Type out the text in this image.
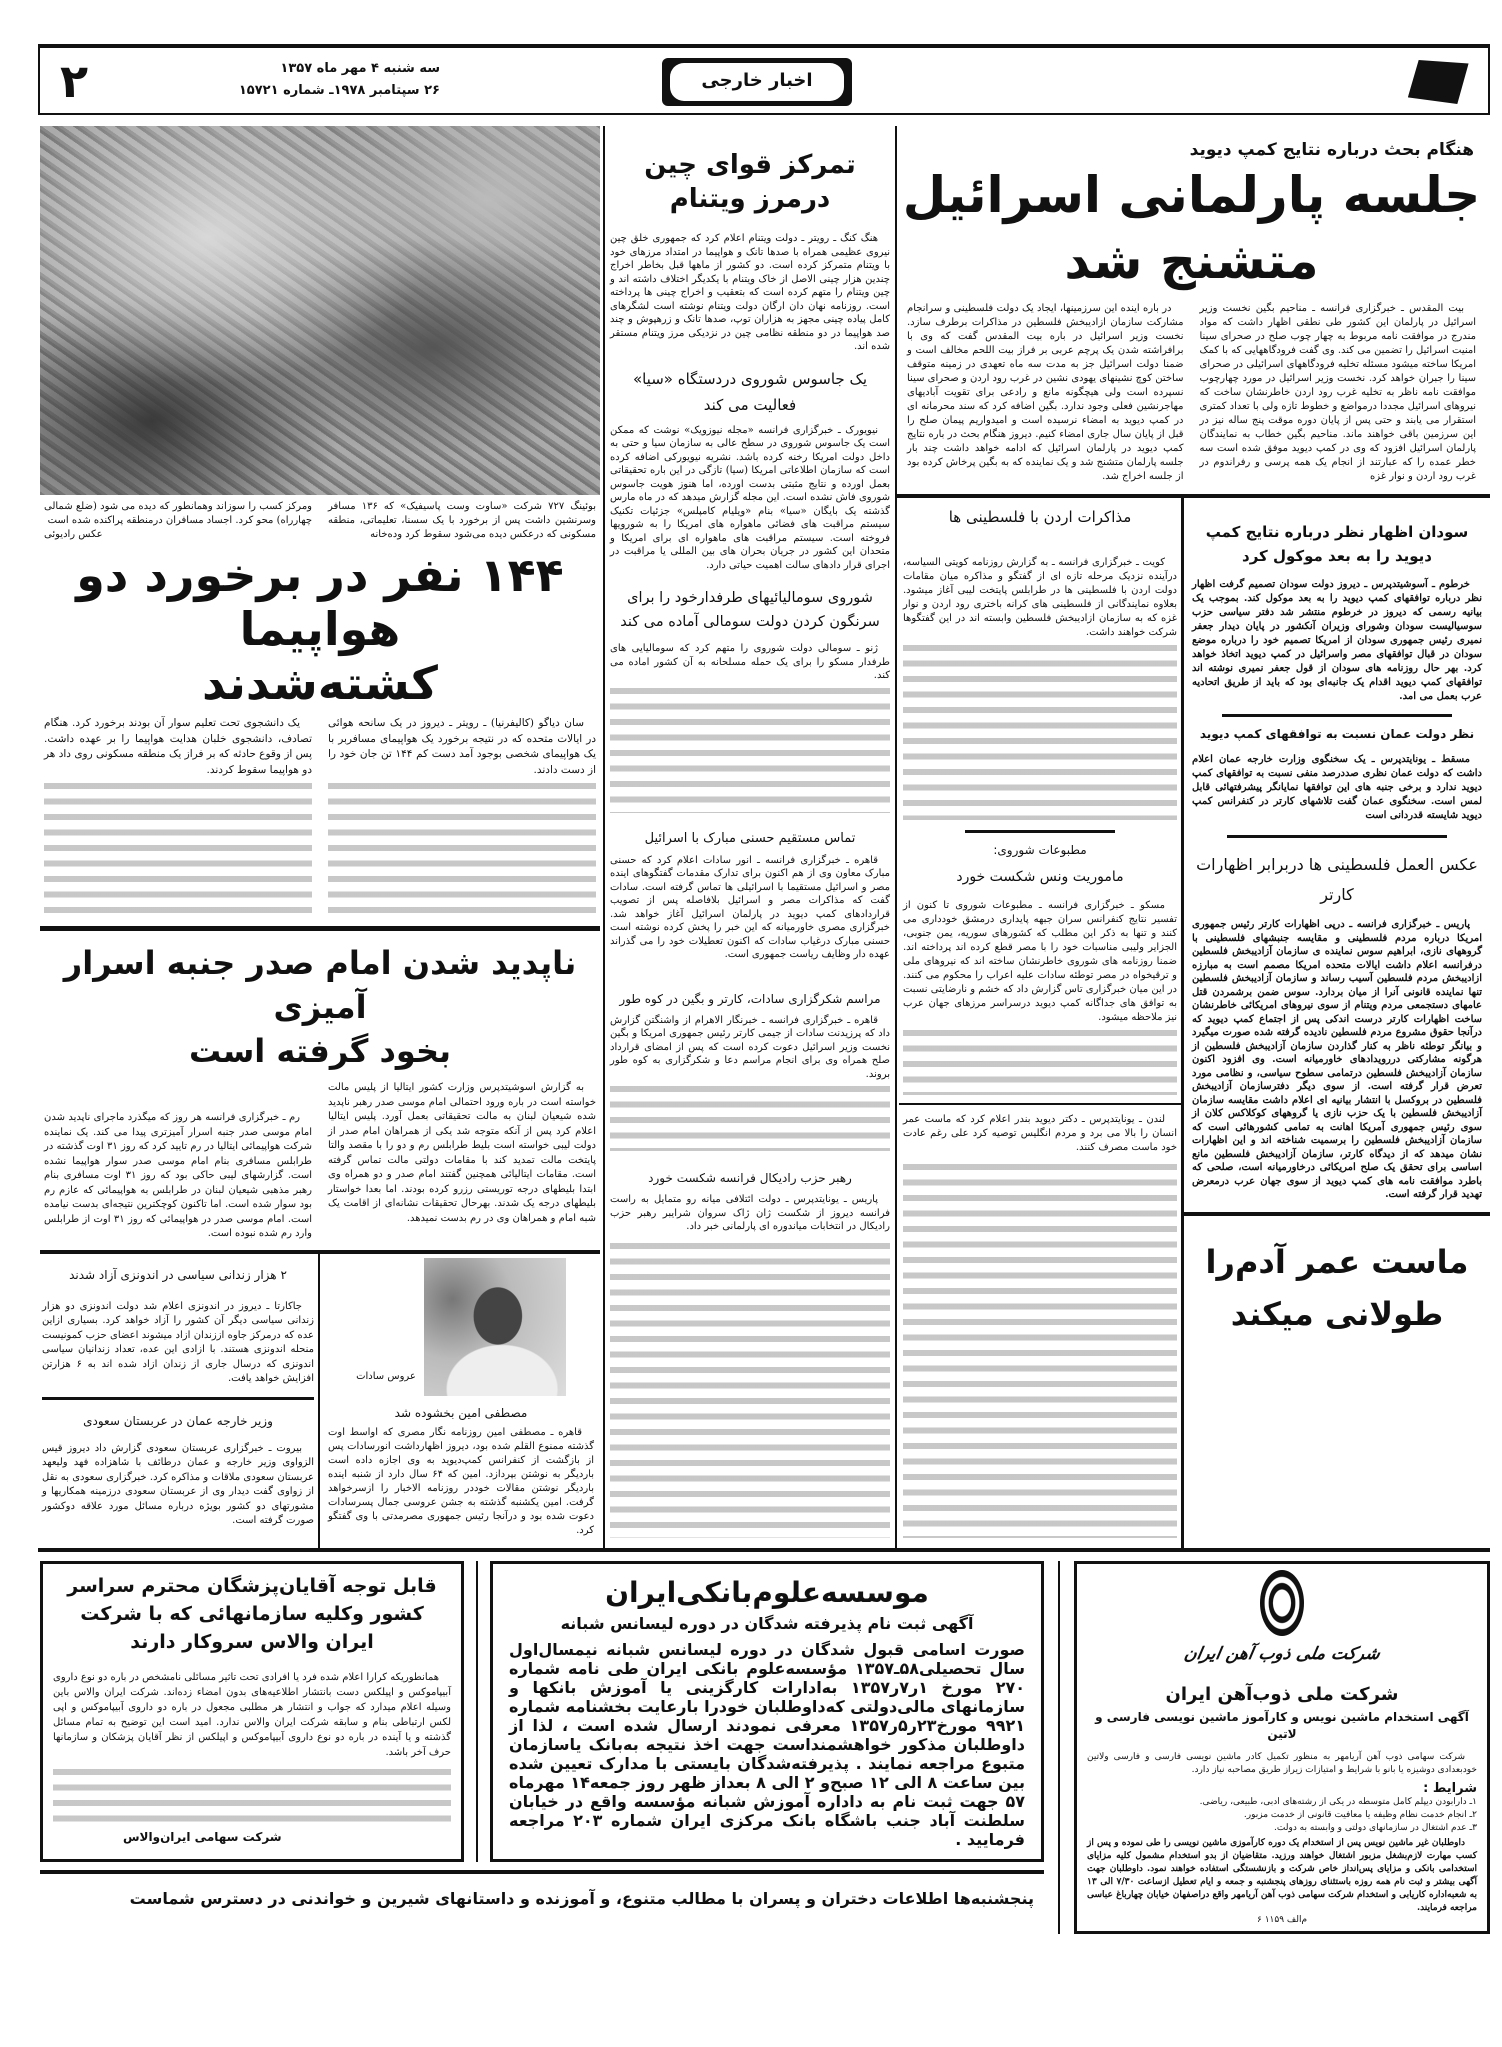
اخبار خارجی
سه شنبه ۴ مهر ماه ۱۳۵۷
۲۶ سپتامبر ۱۹۷۸ـ شماره ۱۵۷۲۱
۲
هنگام بحث درباره نتایج کمپ دیوید
جلسه پارلمانی اسرائیل
متشنج شد

بیت المقدس ـ خبرگزاری فرانسه ـ مناحیم بگین نخست وزیر اسرائیل در پارلمان این کشور طی نطقی اظهار داشت که مواد مندرج در موافقت نامه مربوط به چهار چوب صلح در صحرای سینا امنیت اسرائیل را تضمین می کند. وی گفت فرودگاههایی که با کمک امریکا ساخته میشود مسئله تخلیه فرودگاههای اسرائیلی در صحرای سینا را جبران خواهد کرد. نخست وزیر اسرائیل در مورد چهارچوب موافقت نامه ناظر به تخلیه غرب رود اردن خاطرنشان ساخت که نیروهای اسرائیل مجددا درمواضع و خطوط تازه ولی با تعداد کمتری استقرار می یابند و حتی پس از پایان دوره موقت پنج ساله نیز در این سرزمین باقی خواهند ماند. مناحیم بگین خطاب به نمایندگان پارلمان اسرائیل افزود که وی در کمپ دیوید موفق شده است سه خطر عمده را که عبارتند از انجام یک همه پرسی و رفراندوم در غرب رود اردن و نوار غزه

در باره اینده این سرزمینها، ایجاد یک دولت فلسطینی و سرانجام مشارکت سازمان ازادیبخش فلسطین در مذاکرات برطرف سازد. نخست وزیر اسرائیل در باره بیت المقدس گفت که وی با برافراشته شدن یک پرچم عربی بر فراز بیت اللحم مخالف است و ضمنا دولت اسرائیل جز به مدت سه ماه تعهدی در زمینه متوقف ساختن کوچ نشینهای یهودی نشین در غرب رود اردن و صحرای سینا نسپرده است ولی هیچگونه مانع و رادعی برای تقویت آبادیهای مهاجرنشین فعلی وجود ندارد. بگین اضافه کرد که سند محرمانه ای در کمپ دیوید به امضاء نرسیده است و امیدواریم پیمان صلح را قبل از پایان سال جاری امضاء کنیم. دیروز هنگام بحث در باره نتایج کمپ دیوید در پارلمان اسرائیل که ادامه خواهد داشت چند بار جلسه پارلمان متشنج شد و یک نماینده که به بگین پرخاش کرده بود از جلسه اخراج شد.

سودان اظهار نظر درباره نتایج کمپ دیوید را به بعد موکول کرد

خرطوم ـ آسوشیتدپرس ـ دیروز دولت سودان تصمیم گرفت اظهار نظر درباره توافقهای کمپ دیوید را به بعد موکول کند. بموجب یک بیانیه رسمی که دیروز در خرطوم منتشر شد دفتر سیاسی حزب سوسیالیست سودان وشورای وزیران آنکشور در پایان دیدار جعفر نمیری رئیس جمهوری سودان از امریکا تصمیم خود را درباره موضع سودان در قبال توافقهای مصر واسرائیل در کمپ دیوید اتخاذ خواهد کرد. بهر حال روزنامه های سودان از قول جعفر نمیری نوشته اند توافقهای کمپ دیوید اقدام یک جانبه‌ای بود که باید از طریق اتحادیه عرب بعمل می امد.

نظر دولت عمان نسبت به توافقهای کمپ دیوید

مسقط ـ یونایتدپرس ـ یک سخنگوی وزارت خارجه عمان اعلام داشت که دولت عمان نظری صددرصد منفی نسبت به توافقهای کمپ دیوید ندارد و برخی جنبه های این توافقها نمایانگر پیشرفتهائی قابل لمس است. سخنگوی عمان گفت تلاشهای کارتر در کنفرانس کمپ دیوید شایسته قدردانی است

عکس العمل فلسطینی ها دربرابر اظهارات کارتر

پاریس ـ خبرگزاری فرانسه ـ درپی اظهارات کارتر رئیس جمهوری امریکا درباره مردم فلسطینی و مقایسه جنبشهای فلسطینی با گروههای نازی، ابراهیم سوس نماینده ی سازمان آزادیبخش فلسطین درفرانسه اعلام داشت ایالات متحده امریکا مصمم است به مبارزه ازادیبخش مردم فلسطین آسیب رساند و سازمان آزادیبخش فلسطین تنها نماینده قانونی آنرا از میان بردارد. سوس ضمن برشمردن قتل عامهای دستجمعی مردم ویتنام از سوی نیروهای امریکائی خاطرنشان ساخت اظهارات کارتر درست اندکی پس از اجتماع کمپ دیوید که درآنجا حقوق مشروع مردم فلسطین نادیده گرفته شده صورت میگیرد و بیانگر توطئه ناظر به کنار گذاردن سازمان آزادیبخش فلسطین از هرگونه مشارکتی دررویدادهای خاورمیانه است. وی افزود اکنون سازمان آزادیبخش فلسطین درتمامی سطوح سیاسی، و نظامی مورد تعرض قرار گرفته است. از سوی دیگر دفترسازمان آزادیبخش فلسطین در بروکسل با انتشار بیانیه ای اعلام داشت مقایسه سازمان آزادیبخش فلسطین با یک حزب نازی یا گروههای کوکلاکس کلان از سوی رئیس جمهوری آمریکا اهانت به تمامی کشورهائی است که سازمان آزادیبخش فلسطین را برسمیت شناخته اند و این اظهارات نشان میدهد که از دیدگاه کارتر، سازمان آزادیبخش فلسطین مانع اساسی برای تحقق یک صلح امریکائی درخاورمیانه است، صلحی که باطرد موافقت نامه های کمپ دیوید از سوی جهان عرب درمعرض تهدید قرار گرفته است.

ماست عمر آدم‌را
طولانی میکند
مذاکرات اردن با فلسطینی ها

کویت ـ خبرگزاری فرانسه ـ به گزارش روزنامه کویتی السیاسه، درآینده نزدیک مرحله تازه ای از گفتگو و مذاکره میان مقامات دولت اردن با فلسطینی ها در طرابلس پایتخت لیبی آغاز میشود. بعلاوه نمایندگانی از فلسطینی های کرانه باختری رود اردن و نوار غزه که به سازمان ازادیبخش فلسطین وابسته اند در این گفتگوها شرکت خواهند داشت.

مطبوعات شوروی:
ماموریت ونس شکست خورد

مسکو ـ خبرگزاری فرانسه ـ مطبوعات شوروی تا کنون از تفسیر نتایج کنفرانس سران جبهه پایداری درمشق خودداری می کنند و تنها به ذکر این مطلب که کشورهای سوریه، یمن جنوبی، الجزایر ولیبی مناسبات خود را با مصر قطع کرده اند پرداخته اند. ضمنا روزنامه های شوروی خاطرنشان ساخته اند که نیروهای ملی و ترقیخواه در مصر توطئه سادات علیه اعراب را محکوم می کنند. در این میان خبرگزاری تاس گزارش داد که خشم و نارضایتی نسبت به توافق های جداگانه کمپ دیوید درسراسر مرزهای جهان عرب نیز ملاحظه میشود.

لندن ـ یونایتدپرس ـ دکتر دیوید بندر اعلام کرد که ماست عمر انسان را بالا می برد و مردم انگلیس توصیه کرد علی رغم عادت خود ماست مصرف کنند.

تمرکز قوای چین درمرز ویتنام

هنگ کنگ ـ رویتر ـ دولت ویتنام اعلام کرد که جمهوری خلق چین نیروی عظیمی همراه با صدها تانک و هواپیما در امتداد مرزهای خود با ویتنام متمرکز کرده است. دو کشور از ماهها قبل بخاطر اخراج چندین هزار چینی الاصل از خاک ویتنام با یکدیگر اختلاف داشته اند و چین ویتنام را متهم کرده است که بتعقیب و اخراج چینی ها پرداخته است. روزنامه نهان دان ارگان دولت ویتنام نوشته است لشگرهای کامل پیاده چینی مجهز به هزاران توپ، صدها تانک و زرهپوش و چند صد هواپیما در دو منطقه نظامی چین در نزدیکی مرز ویتنام مستقر شده اند.

یک جاسوس شوروی دردستگاه «سیا» فعالیت می کند

نیویورک ـ خبرگزاری فرانسه «مجله نیوزویک» نوشت که ممکن است یک جاسوس شوروی در سطح عالی به سازمان سیا و حتی به داخل دولت امریکا رخنه کرده باشد. نشریه نیویورکی اضافه کرده است که سازمان اطلاعاتی امریکا (سیا) تازگی در این باره تحقیقاتی بعمل اورده و نتایج مثبتی بدست اورده، اما هنوز هویت جاسوس شوروی فاش نشده است. این مجله گزارش میدهد که در ماه مارس گذشته یک بایگان «سیا» بنام «ویلیام کامپلس» جزئیات تکنیک سیستم مراقبت های فضائی ماهواره های امریکا را به شورویها فروخته است. سیستم مراقبت های ماهواره ای برای امریکا و متحدان این کشور در جریان بحران های بین المللی یا مراقبت در اجرای قرار دادهای سالت اهمیت حیاتی دارد.

شوروی سومالیائیهای طرفدارخود را برای سرنگون کردن دولت سومالی آماده می کند

ژنو ـ سومالی دولت شوروی را متهم کرد که سومالیایی های طرفدار مسکو را برای یک حمله مسلحانه به آن کشور اماده می کند.

تماس مستقیم حسنی مبارک با اسرائیل

قاهره ـ خبرگزاری فرانسه ـ انور سادات اعلام کرد که حسنی مبارک معاون وی از هم اکنون برای تدارک مقدمات گفتگوهای اینده مصر و اسرائیل مستقیما با اسرائیلی ها تماس گرفته است. سادات گفت که مذاکرات مصر و اسرائیل بلافاصله پس از تصویب قراردادهای کمپ دیوید در پارلمان اسرائیل آغاز خواهد شد. خبرگزاری مصری خاورمیانه که این خبر را پخش کرده نوشته است حسنی مبارک درغیاب سادات که اکنون تعطیلات خود را می گذراند عهده دار وظایف ریاست جمهوری است.

مراسم شکرگزاری سادات، کارتر و بگین در کوه طور

قاهره ـ خبرگزاری فرانسه ـ خبرنگار الاهرام از واشنگتن گزارش داد که پرزیدنت سادات از جیمی کارتر رئیس جمهوری امریکا و بگین نخست وزیر اسرائیل دعوت کرده است که پس از امضای قرارداد صلح همراه وی برای انجام مراسم دعا و شکرگزاری به کوه طور بروند.

رهبر حزب رادیکال فرانسه شکست خورد

پاریس ـ یونایتدپرس ـ دولت ائتلافی میانه رو متمایل به راست فرانسه دیروز از شکست ژان ژاک سروان شرایبر رهبر حزب رادیکال در انتخابات میاندوره ای پارلمانی خبر داد.

بوئینگ ۷۲۷ شرکت «ساوت وست پاسیفیک» که ۱۳۶ مسافر وسرنشین داشت پس از برخورد با یک سسنا، تعلیماتی، منطقه مسکونی که درعکس دیده می‌شود سقوط کرد وده‌خانه
ومرکز کسب را سوزاند وهمانطور که دیده می شود (ضلع شمالی چهارراه) محو کرد. اجساد مسافران درمنطقه پراکنده شده است
عکس رادیوئی
۱۴۴ نفر در برخورد دو هواپیما
کشته‌شدند

سان دیاگو (کالیفرنیا) ـ رویتر ـ دیروز در یک سانحه هوائی در ایالات متحده که در نتیجه برخورد یک هواپیمای مسافربر با یک هواپیمای شخصی بوجود آمد دست کم ۱۴۴ تن جان خود را از دست دادند.

یک دانشجوی تحت تعلیم سوار آن بودند برخورد کرد. هنگام تصادف، دانشجوی خلبان هدایت هواپیما را بر عهده داشت. پس از وقوع حادثه که بر فراز یک منطقه مسکونی روی داد هر دو هواپیما سقوط کردند.

ناپدید شدن امام صدر جنبه اسرار آمیزی
بخود گرفته است

به گزارش اسوشیتدپرس وزارت کشور ایتالیا از پلیس مالت خواسته است در باره ورود احتمالی امام موسی صدر رهبر ناپدید شده شیعیان لبنان به مالت تحقیقاتی بعمل آورد. پلیس ایتالیا اعلام کرد پس از آنکه متوجه شد یکی از همراهان امام صدر از دولت لیبی خواسته است بلیط طرابلس رم و دو را با مقصد والتا پایتخت مالت تمدید کند با مقامات دولتی مالت تماس گرفته است. مقامات ایتالیائی همچنین گفتند امام صدر و دو همراه وی ابتدا بلیطهای درجه توریستی رزرو کرده بودند. اما بعدا خواستار بلیطهای درجه یک شدند. بهرحال تحقیقات نشانه‌ای از اقامت یک شبه امام و همراهان وی در رم بدست نمیدهد.

رم ـ خبرگزاری فرانسه هر روز که میگذرد ماجرای ناپدید شدن امام موسی صدر جنبه اسرار آمیزتری پیدا می کند. یک نماینده شرکت هواپیمائی ایتالیا در رم تایید کرد که روز ۳۱ اوت گذشته در طرابلس مسافری بنام امام موسی صدر سوار هواپیما نشده است. گزارشهای لیبی حاکی بود که روز ۳۱ اوت مسافری بنام رهبر مذهبی شیعیان لبنان در طرابلس به هواپیمائی که عازم رم بود سوار شده است. اما تاکنون کوچکترین نتیجه‌ای بدست نیامده است. امام موسی صدر در هواپیمائی که روز ۳۱ اوت از طرابلس وارد رم شده نبوده است.

عروس سادات
مصطفی امین بخشوده شد

قاهره ـ مصطفی امین روزنامه نگار مصری که اواسط اوت گذشته ممنوع القلم شده بود، دیروز اظهارداشت انورسادات پس از بازگشت از کنفرانس کمپ‌دیوید به وی اجازه داده است باردیگر به نوشتن بپردازد. امین که ۶۴ سال دارد از شنبه اینده باردیگر نوشتن مقالات خوددر روزنامه الاخبار را ازسرخواهد گرفت. امین یکشنبه گذشته به جشن عروسی جمال پسرسادات دعوت شده بود و درآنجا رئیس جمهوری مصرمدتی با وی گفتگو کرد.

۲ هزار زندانی سیاسی در اندونزی آزاد شدند

جاکارتا ـ دیروز در اندونزی اعلام شد دولت اندونزی دو هزار زندانی سیاسی دیگر آن کشور را آزاد خواهد کرد. بسیاری ازاین عده که درمرکز جاوه اززندان ازاد میشوند اعضای حزب کمونیست منحله اندونزی هستند. با ازادی این عده، تعداد زندانیان سیاسی اندونزی که درسال جاری از زندان ازاد شده اند به ۶ هزارتن افزایش خواهد یافت.

وزیر خارجه عمان در عربستان سعودی

بیروت ـ خبرگزاری عربستان سعودی گزارش داد دیروز قیس الزواوی وزیر خارجه و عمان درطائف با شاهزاده فهد ولیعهد عربستان سعودی ملاقات و مذاکره کرد. خبرگزاری سعودی به نقل از زواوی گفت دیدار وی از عربستان سعودی درزمینه همکاریها و مشورتهای دو کشور بویژه درباره مسائل مورد علاقه دوکشور صورت گرفته است.

شرکت ملی ذوب آهن ایران
شرکت ملی ذوب‌آهن ایران
آگهی استخدام ماشین نویس و کارآموز ماشین نویسی فارسی و لاتین

شرکت سهامی ذوب آهن آریامهر به منظور تکمیل کادر ماشین نویسی فارسی و فارسی ولاتین خودبعدادی دوشیزه یا بانو با شرایط و امتیازات زیراز طریق مصاحبه نیاز دارد.

شرایط :
۱ـ دارابودن دیپلم کامل متوسطه در یکی از رشته‌های ادبی، طبیعی، ریاضی.
۲ـ انجام خدمت نظام وظیفه یا معافیت قانونی از خدمت مزبور.
۳ـ عدم اشتغال در سازمانهای دولتی و وابسته به دولت.

داوطلبان غیر ماشین نویس پس از استخدام یک دوره کارآموزی ماشین نویسی را طی نموده و پس از کسب مهارت لازم‌بشغل مزبور اشتغال خواهند ورزید. متقاضیان از بدو استخدام مشمول کلیه مزایای استخدامی بانکی و مزایای پس‌انداز خاص شرکت و بازنشستگی استفاده خواهند نمود. داوطلبان جهت آگهی بیشتر و ثبت نام همه روزه باستثنای روزهای پنجشنبه و جمعه و ایام تعطیل ازساعت ۷/۳۰ الی ۱۳ به شعبه‌اداره کاریابی و استخدام شرکت سهامی ذوب آهن آریامهر واقع دراصفهان خیابان چهارباغ عباسی مراجعه فرمایند.

م‌الف ۱۱۵۹ ۶
موسسه‌علوم‌بانکی‌ایران
آگهی ثبت نام پذیرفته شدگان در دوره لیسانس شبانه

صورت اسامی قبول شدگان در دوره لیسانس شبانه نیمسال‌اول سال تحصیلی۵۸ـ۱۳۵۷ مؤسسه‌علوم بانکی ایران طی نامه شماره ۲۷۰ مورخ ۱ر۷ر۱۳۵۷ به‌ادارات کارگزینی یا آموزش بانکها و سازمانهای مالی‌دولتی که‌داوطلبان خودرا بارعایت بخشنامه شماره ۹۹۲۱ مورخ۲۳ر۵ر۱۳۵۷ معرفی نمودند ارسال شده است ، لذا از داوطلبان مذکور خواهشمنداست جهت اخذ نتیجه به‌بانک یاسازمان متبوع مراجعه نمایند . پذیرفته‌شدگان بایستی با مدارک تعیین شده بین ساعت ۸ الی ۱۲ صبح‌و ۲ الی ۸ بعداز ظهر روز جمعه۱۴ مهرماه ۵۷ جهت ثبت نام به داداره آموزش شبانه مؤسسه واقع در خیابان سلطنت آباد جنب باشگاه بانک مرکزی ایران شماره ۲۰۳ مراجعه فرمایید .

قابل توجه آقایان‌پزشگان محترم سراسر کشور وکلیه سازمانهائی که با شرکت ایران والاس سروکار دارند

همانطوریکه کرارا اعلام شده فرد یا افرادی تحت تاثیر مسائلی نامشخص در باره دو نوع داروی آبیپاموکس و اپیلکس دست بانتشار اطلاعیه‌های بدون امضاء زده‌اند. شرکت ایران والاس باین وسیله اعلام میدارد که جواب و انتشار هر مطلبی مجعول در باره دو داروی آبیپاموکس و اپی لکس ارتباطی بنام و سابقه شرکت ایران والاس ندارد. امید است این توضیح به تمام مسائل گذشته و یا آینده در باره دو نوع داروی آبیپاموکس و اپیلکس از نظر آقایان پزشکان و سازمانها حرف آخر باشد.

شرکت سهامی ایران‌والاس
پنجشنبه‌ها اطلاعات دختران و پسران با مطالب متنوع، و آموزنده و داستانهای شیرین و خواندنی در دسترس شماست
